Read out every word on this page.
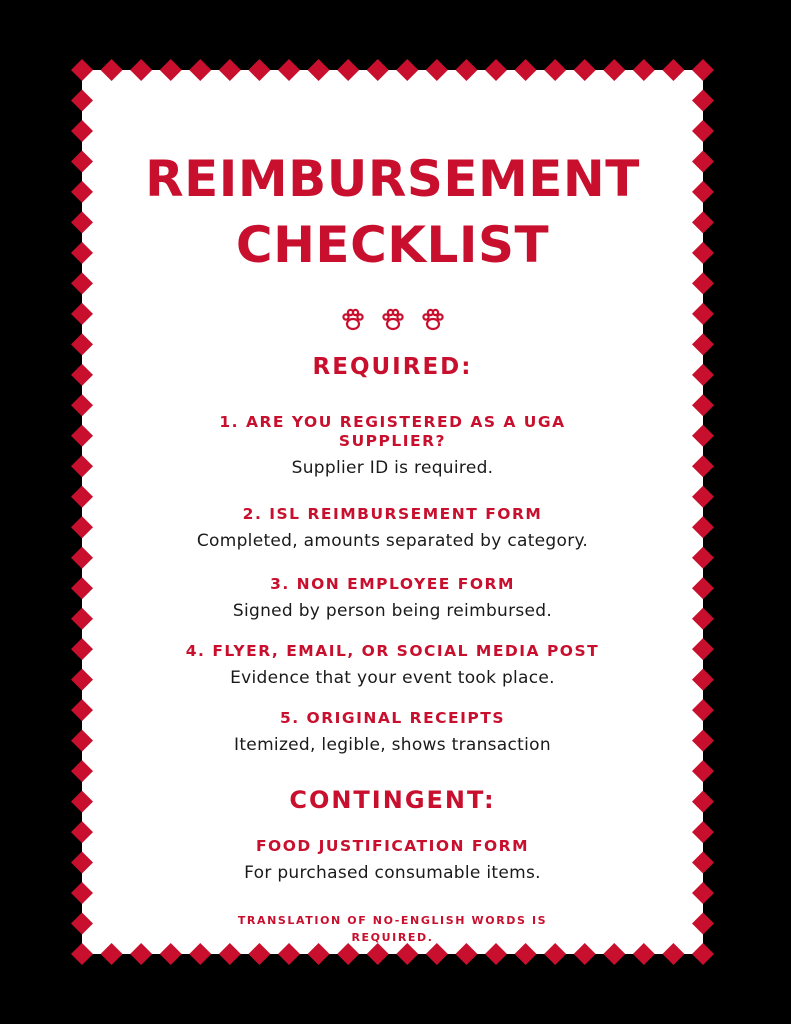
REIMBURSEMENT
CHECKLIST
REQUIRED:
1. ARE YOU REGISTERED AS A UGA SUPPLIER?
Supplier ID is required.
2. ISL REIMBURSEMENT FORM
Completed, amounts separated by category.
3. NON EMPLOYEE FORM
Signed by person being reimbursed.
4. FLYER, EMAIL, OR SOCIAL MEDIA POST
Evidence that your event took place.
5. ORIGINAL RECEIPTS
Itemized, legible, shows transaction
CONTINGENT:
FOOD JUSTIFICATION FORM
For purchased consumable items.
TRANSLATION OF NO-ENGLISH WORDS IS REQUIRED.
